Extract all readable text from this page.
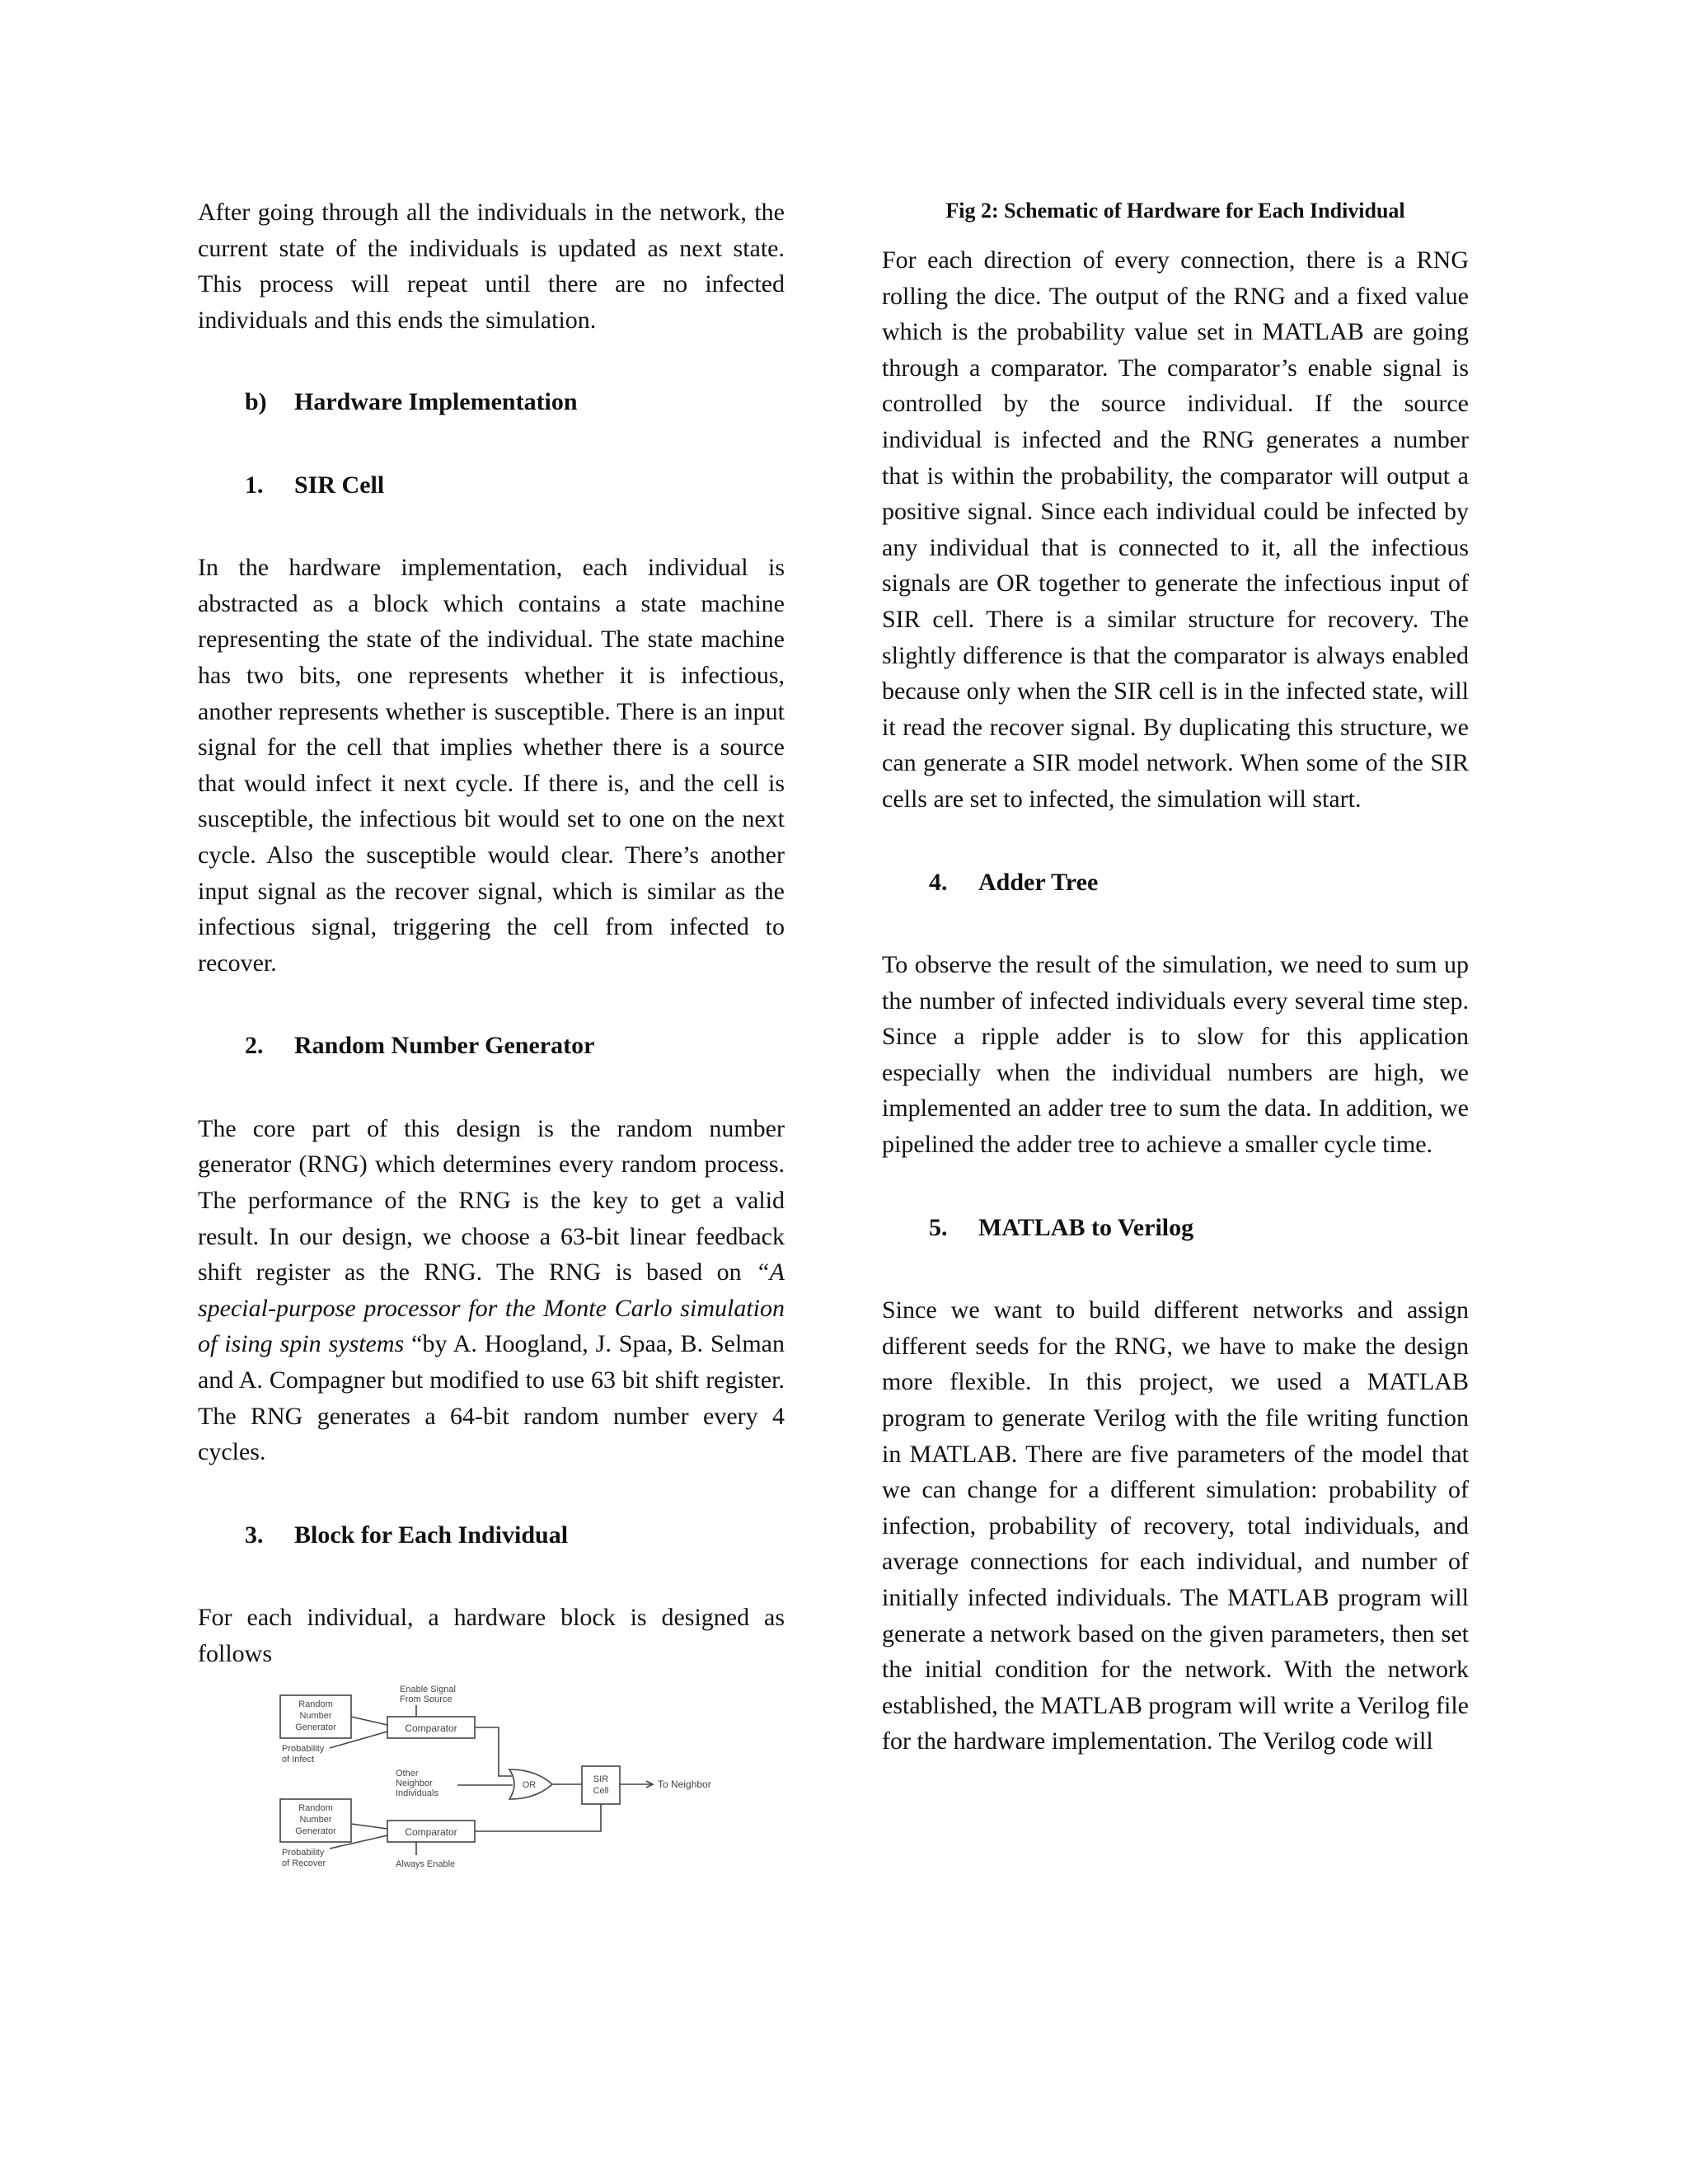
After going through all the individuals in the network, the current state of the individuals is updated as next state. This process will repeat until there are no infected individuals and this ends the simulation.

b) Hardware Implementation
1. SIR Cell

In the hardware implementation, each individual is abstracted as a block which contains a state machine representing the state of the individual. The state machine has two bits, one represents whether it is infectious, another represents whether is susceptible. There is an input signal for the cell that implies whether there is a source that would infect it next cycle. If there is, and the cell is susceptible, the infectious bit would set to one on the next cycle. Also the susceptible would clear. There’s another input signal as the recover signal, which is similar as the infectious signal, triggering the cell from infected to recover.

2. Random Number Generator

The core part of this design is the random number generator (RNG) which determines every random process. The performance of the RNG is the key to get a valid result. In our design, we choose a 63-bit linear feedback shift register as the RNG. The RNG is based on “A special-purpose processor for the Monte Carlo simulation of ising spin systems “by A. Hoogland, J. Spaa, B. Selman and A. Compagner but modified to use 63 bit shift register. The RNG generates a 64-bit random number every 4 cycles.

3. Block for Each Individual

For each individual, a hardware block is designed as follows

Random
Number
Generator
Enable Signal
From Source
Comparator
Probability
of Infect
Other
Neighbor
Individuals
OR
SIR
Cell
To Neighbor
Random
Number
Generator	Comparator
Probability
of Recover	Always Enable
Fig 2: Schematic of Hardware for Each Individual

For each direction of every connection, there is a RNG rolling the dice. The output of the RNG and a fixed value which is the probability value set in MATLAB are going through a comparator. The comparator’s enable signal is controlled by the source individual. If the source individual is infected and the RNG generates a number that is within the probability, the comparator will output a positive signal. Since each individual could be infected by any individual that is connected to it, all the infectious signals are OR together to generate the infectious input of SIR cell. There is a similar structure for recovery. The slightly difference is that the comparator is always enabled because only when the SIR cell is in the infected state, will it read the recover signal. By duplicating this structure, we can generate a SIR model network. When some of the SIR cells are set to infected, the simulation will start.

4. Adder Tree

To observe the result of the simulation, we need to sum up the number of infected individuals every several time step. Since a ripple adder is to slow for this application especially when the individual numbers are high, we implemented an adder tree to sum the data. In addition, we pipelined the adder tree to achieve a smaller cycle time.

5. MATLAB to Verilog

Since we want to build different networks and assign different seeds for the RNG, we have to make the design more flexible. In this project, we used a MATLAB program to generate Verilog with the file writing function in MATLAB. There are five parameters of the model that we can change for a different simulation: probability of infection, probability of recovery, total individuals, and average connections for each individual, and number of initially infected individuals. The MATLAB program will generate a network based on the given parameters, then set the initial condition for the network. With the network established, the MATLAB program will write a Verilog file for the hardware implementation. The Verilog code will
